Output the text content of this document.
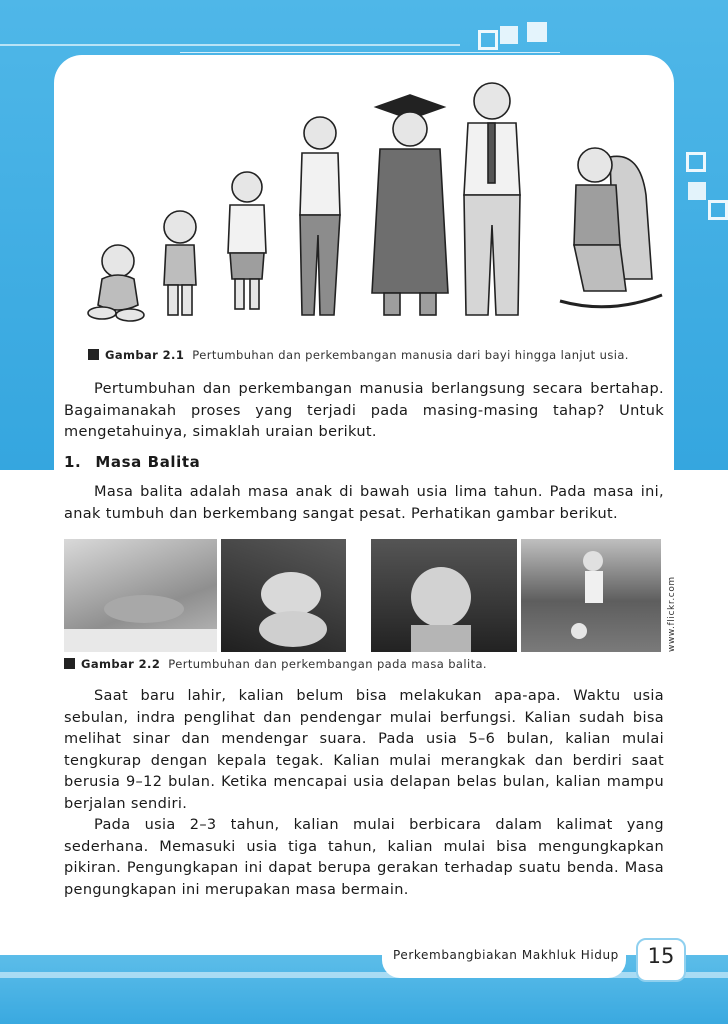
Perkembangbiakan Makhluk Hidup	15
Gambar 2.1 Pertumbuhan dan perkembangan manusia dari bayi hingga lanjut usia.

Pertumbuhan dan perkembangan manusia berlangsung secara bertahap. Bagaimanakah proses yang terjadi pada masing-masing tahap? Untuk mengetahuinya, simaklah uraian berikut.

1. Masa Balita

Masa balita adalah masa anak di bawah usia lima tahun. Pada masa ini, anak tumbuh dan berkembang sangat pesat. Perhatikan gambar berikut.

www.flickr.com
Gambar 2.2 Pertumbuhan dan perkembangan pada masa balita.

Saat baru lahir, kalian belum bisa melakukan apa-apa. Waktu usia sebulan, indra penglihat dan pendengar mulai berfungsi. Kalian sudah bisa melihat sinar dan mendengar suara. Pada usia 5–6 bulan, kalian mulai tengkurap dengan kepala tegak. Kalian mulai merangkak dan berdiri saat berusia 9–12 bulan. Ketika mencapai usia delapan belas bulan, kalian mampu berjalan sendiri.

Pada usia 2–3 tahun, kalian mulai berbicara dalam kalimat yang sederhana. Memasuki usia tiga tahun, kalian mulai bisa mengungkapkan pikiran. Pengungkapan ini dapat berupa gerakan terhadap suatu benda. Masa pengungkapan ini merupakan masa bermain.
